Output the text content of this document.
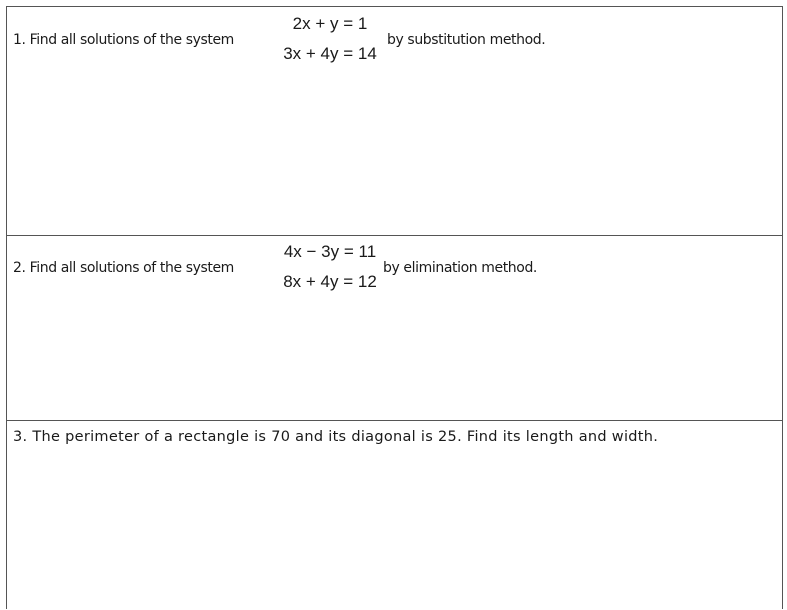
1. Find all solutions of the system
2x + y = 1
3x + 4y = 14
by substitution method.
2. Find all solutions of the system
4x − 3y = 11
8x + 4y = 12
by elimination method.
3. The perimeter of a rectangle is 70 and its diagonal is 25. Find its length and width.
